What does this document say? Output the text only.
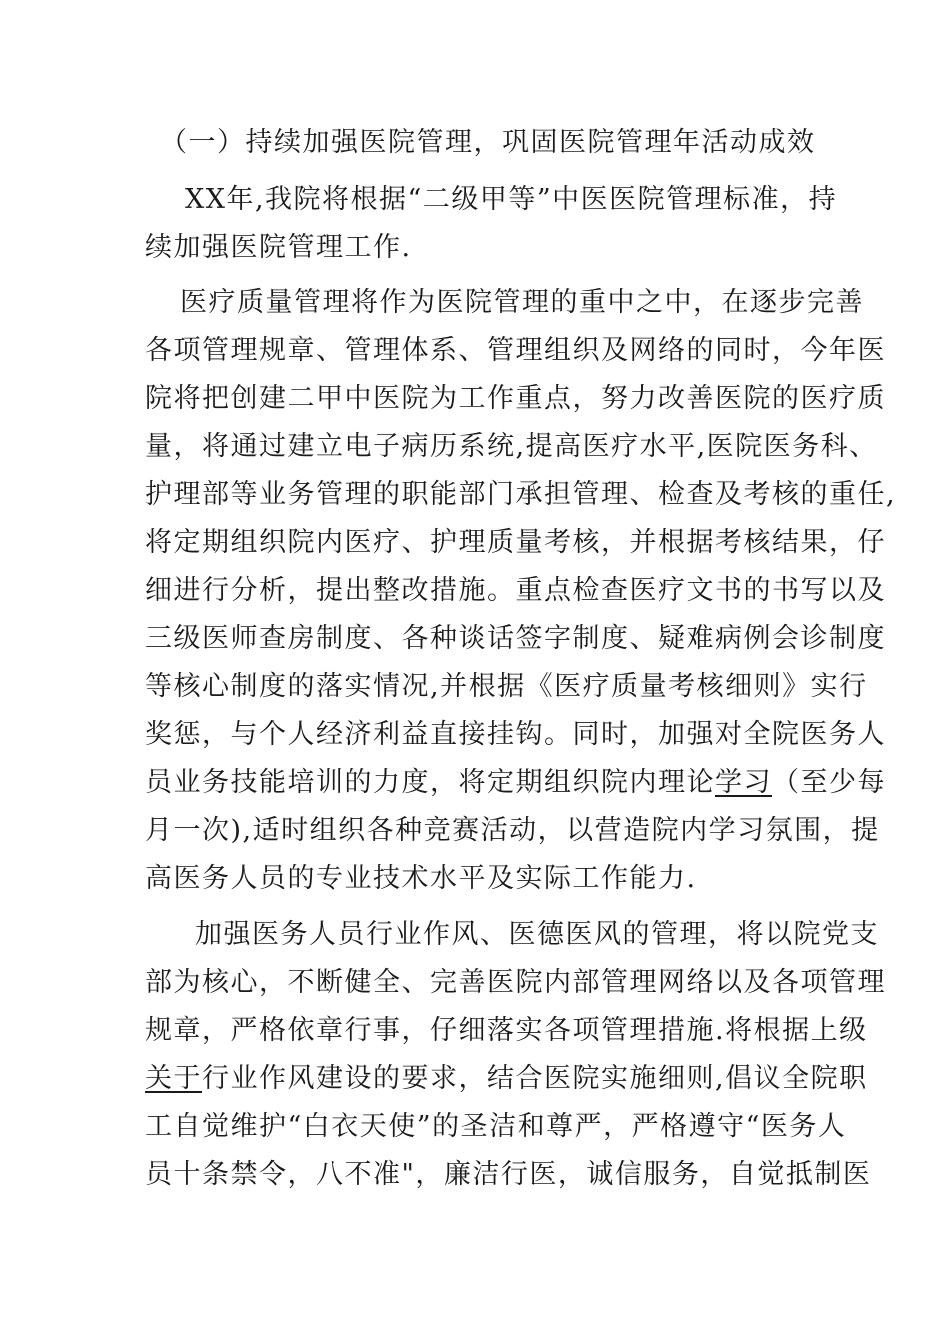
（一）持续加强医院管理，巩固医院管理年活动成效
XX年,我院将根据“二级甲等”中医医院管理标准，持
续加强医院管理工作.
医疗质量管理将作为医院管理的重中之中，在逐步完善
各项管理规章、管理体系、管理组织及网络的同时，今年医
院将把创建二甲中医院为工作重点，努力改善医院的医疗质
量，将通过建立电子病历系统,提高医疗水平,医院医务科、
护理部等业务管理的职能部门承担管理、检查及考核的重任,
将定期组织院内医疗、护理质量考核，并根据考核结果，仔
细进行分析，提出整改措施。重点检查医疗文书的书写以及
三级医师查房制度、各种谈话签字制度、疑难病例会诊制度
等核心制度的落实情况,并根据《医疗质量考核细则》实行
奖惩，与个人经济利益直接挂钩。同时，加强对全院医务人
员业务技能培训的力度，将定期组织院内理论学习（至少每
月一次),适时组织各种竞赛活动，以营造院内学习氛围，提
高医务人员的专业技术水平及实际工作能力.
加强医务人员行业作风、医德医风的管理，将以院党支
部为核心，不断健全、完善医院内部管理网络以及各项管理
规章，严格依章行事，仔细落实各项管理措施.将根据上级
关于行业作风建设的要求，结合医院实施细则,倡议全院职
工自觉维护“白衣天使”的圣洁和尊严，严格遵守“医务人
员十条禁令，八不准"，廉洁行医，诚信服务，自觉抵制医
